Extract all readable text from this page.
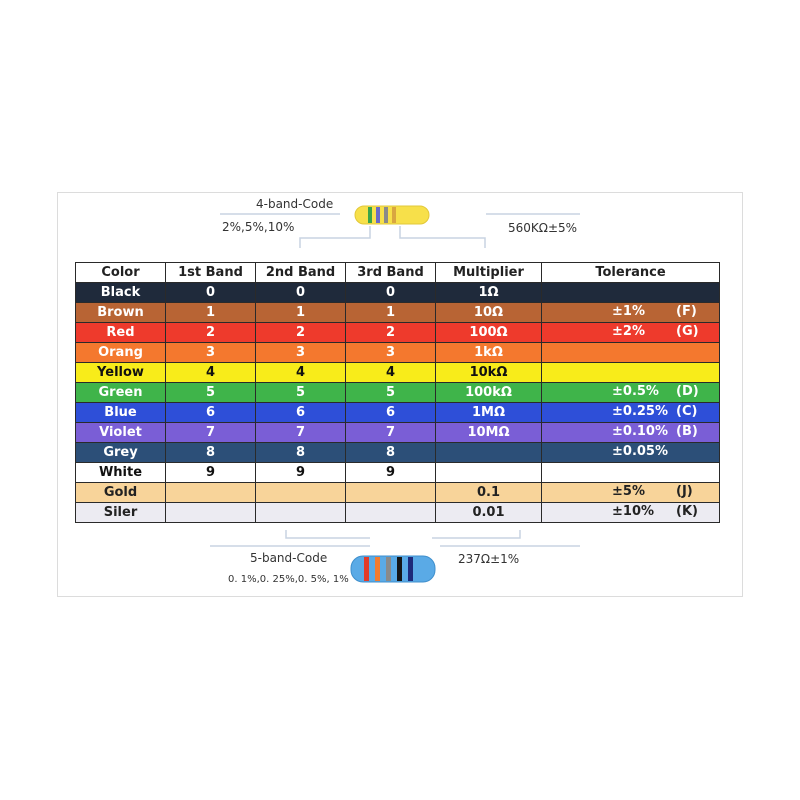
4-band-Code
2%,5%,10%	560KΩ±5%
5-band-Code
0. 1%,0. 25%,0. 5%, 1%
237Ω±1%
Color	1st Band	2nd Band	3rd Band	Multiplier	Tolerance
Black	0	0	0	1Ω	

Brown	1	1	1	10Ω	±1% (F)

Red	2	2	2	100Ω	±2% (G)

Orang	3	3	3	1kΩ	

Yellow	4	4	4	10kΩ	

Green	5	5	5	100kΩ	±0.5% (D)

Blue	6	6	6	1MΩ	±0.25% (C)

Violet	7	7	7	10MΩ	±0.10% (B)

Grey	8	8	8		±0.05%

White	9	9	9		

Gold				0.1	±5% (J)

Siler				0.01	±10% (K)
